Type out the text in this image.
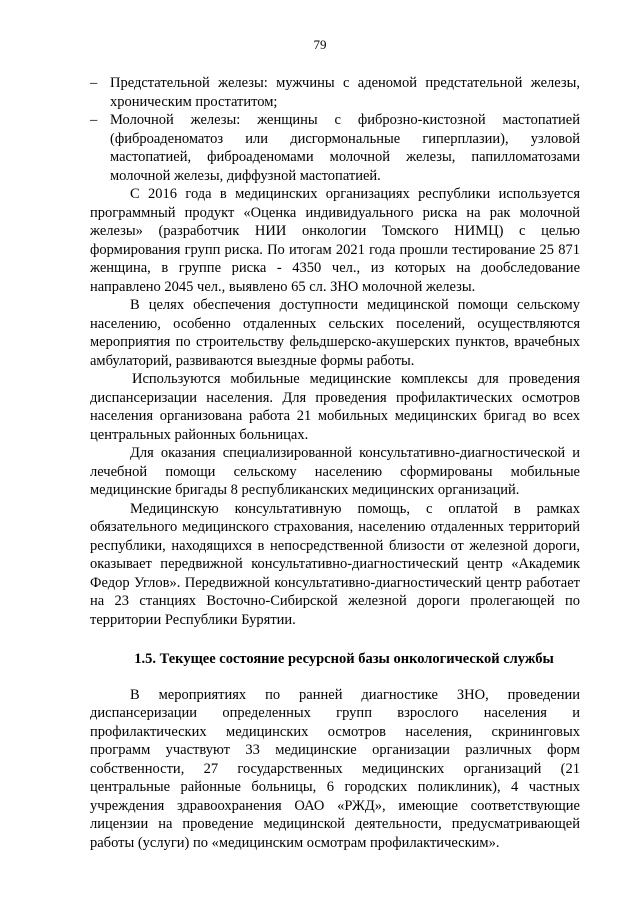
79
– Предстательной железы: мужчины с аденомой предстательной железы, хроническим простатитом;
– Молочной железы: женщины с фиброзно-кистозной мастопатией (фиброаденоматоз или дисгормональные гиперплазии), узловой мастопатией, фиброаденомами молочной железы, папилломатозами молочной железы, диффузной мастопатией.

С 2016 года в медицинских организациях республики используется программный продукт «Оценка индивидуального риска на рак молочной железы» (разработчик НИИ онкологии Томского НИМЦ) с целью формирования групп риска. По итогам 2021 года прошли тестирование 25 871 женщина, в группе риска - 4350 чел., из которых на дообследование направлено 2045 чел., выявлено 65 сл. ЗНО молочной железы.

В целях обеспечения доступности медицинской помощи сельскому населению, особенно отдаленных сельских поселений, осуществляются мероприятия по строительству фельдшерско-акушерских пунктов, врачебных амбулаторий, развиваются выездные формы работы.

Используются мобильные медицинские комплексы для проведения диспансеризации населения. Для проведения профилактических осмотров населения организована работа 21 мобильных медицинских бригад во всех центральных районных больницах.

Для оказания специализированной консультативно-диагностической и лечебной помощи сельскому населению сформированы мобильные медицинские бригады 8 республиканских медицинских организаций.

Медицинскую консультативную помощь, с оплатой в рамках обязательного медицинского страхования, населению отдаленных территорий республики, находящихся в непосредственной близости от железной дороги, оказывает передвижной консультативно-диагностический центр «Академик Федор Углов». Передвижной консультативно-диагностический центр работает на 23 станциях Восточно-Сибирской железной дороги пролегающей по территории Республики Бурятии.

1.5. Текущее состояние ресурсной базы онкологической службы

В мероприятиях по ранней диагностике ЗНО, проведении диспансеризации определенных групп взрослого населения и профилактических медицинских осмотров населения, скрининговых программ участвуют 33 медицинские организации различных форм собственности, 27 государственных медицинских организаций (21 центральные районные больницы, 6 городских поликлиник), 4 частных учреждения здравоохранения ОАО «РЖД», имеющие соответствующие лицензии на проведение медицинской деятельности, предусматривающей работы (услуги) по «медицинским осмотрам профилактическим».
